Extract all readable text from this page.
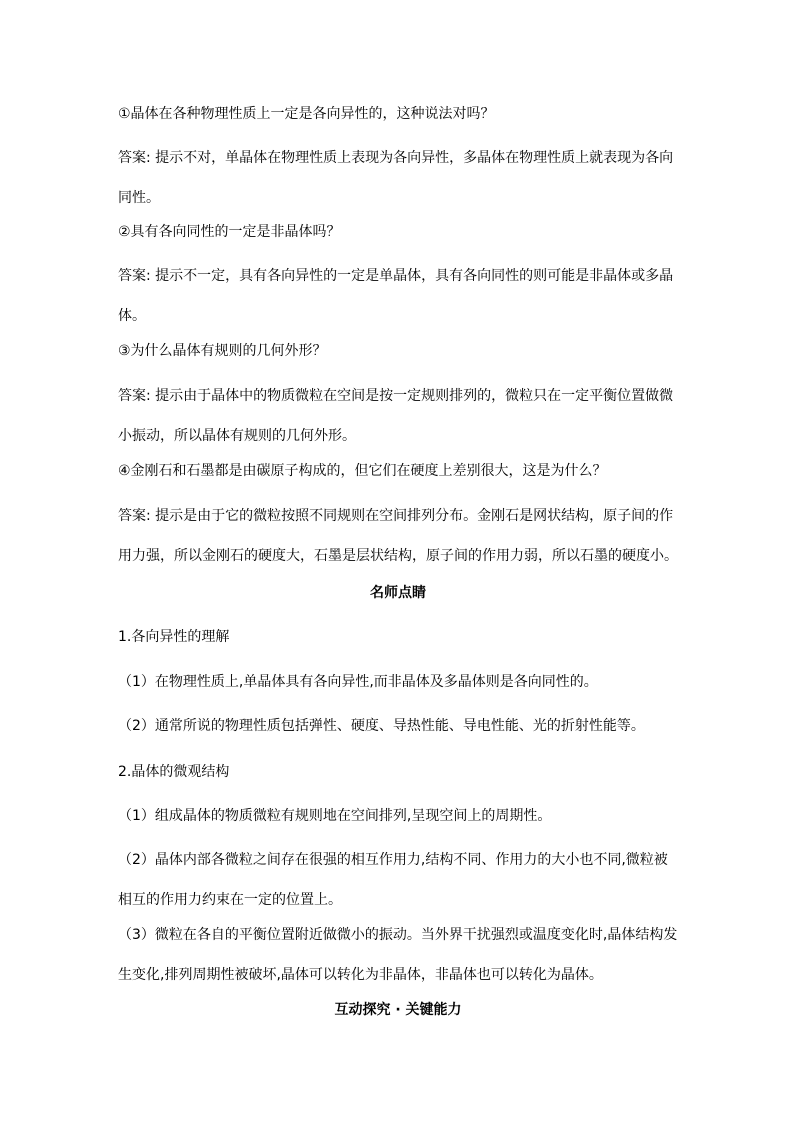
①晶体在各种物理性质上一定是各向异性的，这种说法对吗？
答案: 提示不对，单晶体在物理性质上表现为各向异性，多晶体在物理性质上就表现为各向
同性。
②具有各向同性的一定是非晶体吗？
答案: 提示不一定，具有各向异性的一定是单晶体，具有各向同性的则可能是非晶体或多晶
体。
③为什么晶体有规则的几何外形？
答案: 提示由于晶体中的物质微粒在空间是按一定规则排列的，微粒只在一定平衡位置做微
小振动，所以晶体有规则的几何外形。
④金刚石和石墨都是由碳原子构成的，但它们在硬度上差别很大，这是为什么？
答案: 提示是由于它的微粒按照不同规则在空间排列分布。金刚石是网状结构，原子间的作
用力强，所以金刚石的硬度大，石墨是层状结构，原子间的作用力弱，所以石墨的硬度小。
名师点睛
1.各向异性的理解
（1）在物理性质上,单晶体具有各向异性,而非晶体及多晶体则是各向同性的。
（2）通常所说的物理性质包括弹性、硬度、导热性能、导电性能、光的折射性能等。
2.晶体的微观结构
（1）组成晶体的物质微粒有规则地在空间排列,呈现空间上的周期性。
（2）晶体内部各微粒之间存在很强的相互作用力,结构不同、作用力的大小也不同,微粒被
相互的作用力约束在一定的位置上。
（3）微粒在各自的平衡位置附近做微小的振动。当外界干扰强烈或温度变化时,晶体结构发
生变化,排列周期性被破坏,晶体可以转化为非晶体，非晶体也可以转化为晶体。
互动探究 · 关键能力
